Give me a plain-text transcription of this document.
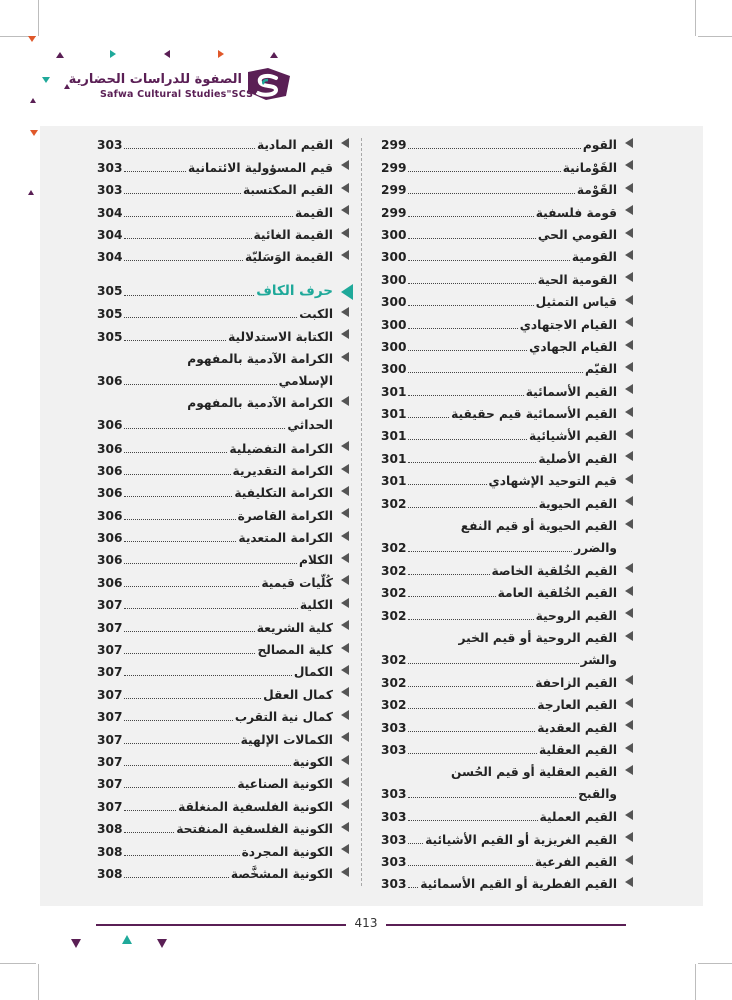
الصفوة للدراسات الحضارية
Safwa Cultural Studies"SCS"
القوم
299
القَوْمانية
299
القَوْمة
299
قومة فلسفية
299
القومي الحي
300
القومية
300
القومية الحية
300
قياس التمثيل
300
القيام الاجتهادي
300
القيام الجهادي
300
القيّم
300
القيم الأسمائية
301
القيم الأسمائية قيم حقيقية
301
القيم الأشيائية
301
القيم الأصلية
301
قيم التوحيد الإشهادي
301
القيم الحيوية
302
القيم الحيوية أو قيم النفع
والضرر
302
القيم الخُلقية الخاصة
302
القيم الخُلقية العامة
302
القيم الروحية
302
القيم الروحية أو قيم الخير
والشر
302
القيم الزاحفة
302
القيم العارجة
302
القيم العقدية
303
القيم العقلية
303
القيم العقلية أو قيم الحُسن
والقبح
303
القيم العملية
303
القيم الغريزية أو القيم الأشيائية
303
القيم الفرعية
303
القيم الفطرية أو القيم الأسمائية
303
القيم المادية
303
قيم المسؤولية الائتمانية
303
القيم المكتسبة
303
القيمة
304
القيمة الغائية
304
القيمة الوَسَليّة
304
حرف الكاف
305
الكبت
305
الكتابة الاستدلالية
305
الكرامة الآدمية بالمفهوم
الإسلامي
306
الكرامة الآدمية بالمفهوم
الحداثي
306
الكرامة التفضيلية
306
الكرامة التقديرية
306
الكرامة التكليفية
306
الكرامة القاصرة
306
الكرامة المتعدية
306
الكلام
306
كُلّيات قيمية
306
الكلية
307
كلية الشريعة
307
كلية المصالح
307
الكمال
307
كمال العقل
307
كمال نية التقرب
307
الكمالات الإلهية
307
الكونية
307
الكونية الصناعية
307
الكونية الفلسفية المنغلقة
307
الكونية الفلسفية المنفتحة
308
الكونية المجردة
308
الكونية المشخَّصة
308
413
